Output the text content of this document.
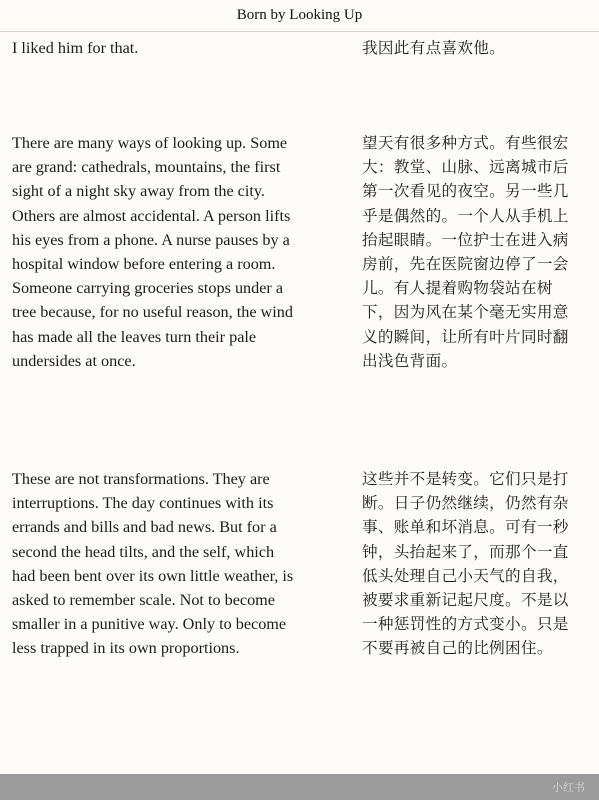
Born by Looking Up
I liked him for that.	我因此有点喜欢他。
There are many ways of looking up. Some
are grand: cathedrals, mountains, the first
sight of a night sky away from the city.
Others are almost accidental. A person lifts
his eyes from a phone. A nurse pauses by a
hospital window before entering a room.
Someone carrying groceries stops under a
tree because, for no useful reason, the wind
has made all the leaves turn their pale
undersides at once.
望天有很多种方式。有些很宏
大：教堂、山脉、远离城市后
第一次看见的夜空。另一些几
乎是偶然的。一个人从手机上
抬起眼睛。一位护士在进入病
房前，先在医院窗边停了一会
儿。有人提着购物袋站在树
下，因为风在某个毫无实用意
义的瞬间，让所有叶片同时翻
出浅色背面。
These are not transformations. They are
interruptions. The day continues with its
errands and bills and bad news. But for a
second the head tilts, and the self, which
had been bent over its own little weather, is
asked to remember scale. Not to become
smaller in a punitive way. Only to become
less trapped in its own proportions.
这些并不是转变。它们只是打
断。日子仍然继续，仍然有杂
事、账单和坏消息。可有一秒
钟，头抬起来了，而那个一直
低头处理自己小天气的自我，
被要求重新记起尺度。不是以
一种惩罚性的方式变小。只是
不要再被自己的比例困住。
小红书
